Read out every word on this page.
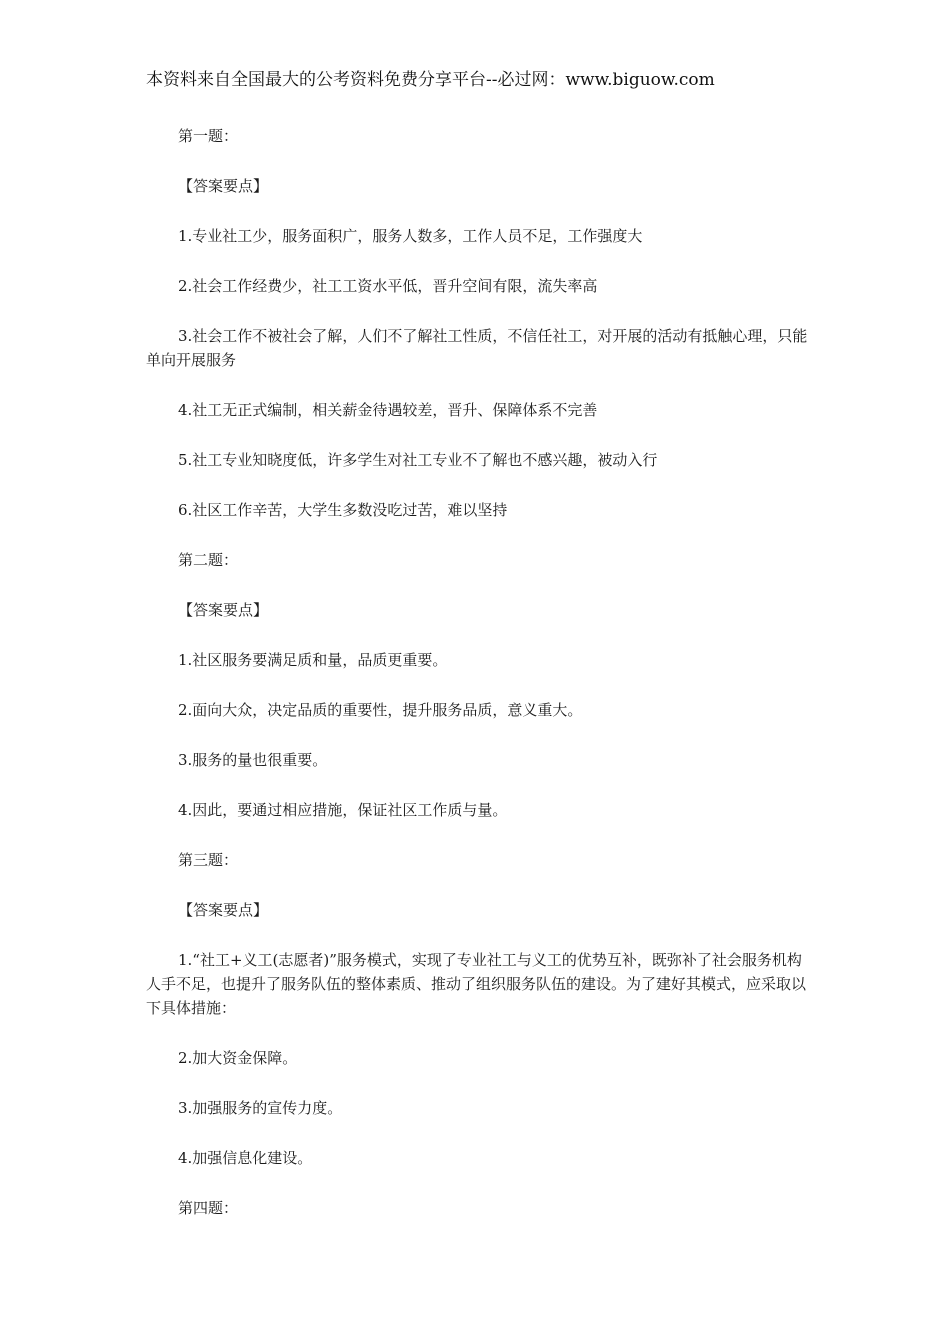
本资料来自全国最大的公考资料免费分享平台--必过网：www.biguow.com

第一题：

【答案要点】

1.专业社工少，服务面积广，服务人数多，工作人员不足，工作强度大

2.社会工作经费少，社工工资水平低，晋升空间有限，流失率高

3.社会工作不被社会了解，人们不了解社工性质，不信任社工，对开展的活动有抵触心理，只能单向开展服务

4.社工无正式编制，相关薪金待遇较差，晋升、保障体系不完善

5.社工专业知晓度低，许多学生对社工专业不了解也不感兴趣，被动入行

6.社区工作辛苦，大学生多数没吃过苦，难以坚持

第二题：

【答案要点】

1.社区服务要满足质和量，品质更重要。

2.面向大众，决定品质的重要性，提升服务品质，意义重大。

3.服务的量也很重要。

4.因此，要通过相应措施，保证社区工作质与量。

第三题：

【答案要点】

1.“社工+义工(志愿者)”服务模式，实现了专业社工与义工的优势互补，既弥补了社会服务机构人手不足，也提升了服务队伍的整体素质、推动了组织服务队伍的建设。为了建好其模式，应采取以下具体措施：

2.加大资金保障。

3.加强服务的宣传力度。

4.加强信息化建设。

第四题：
